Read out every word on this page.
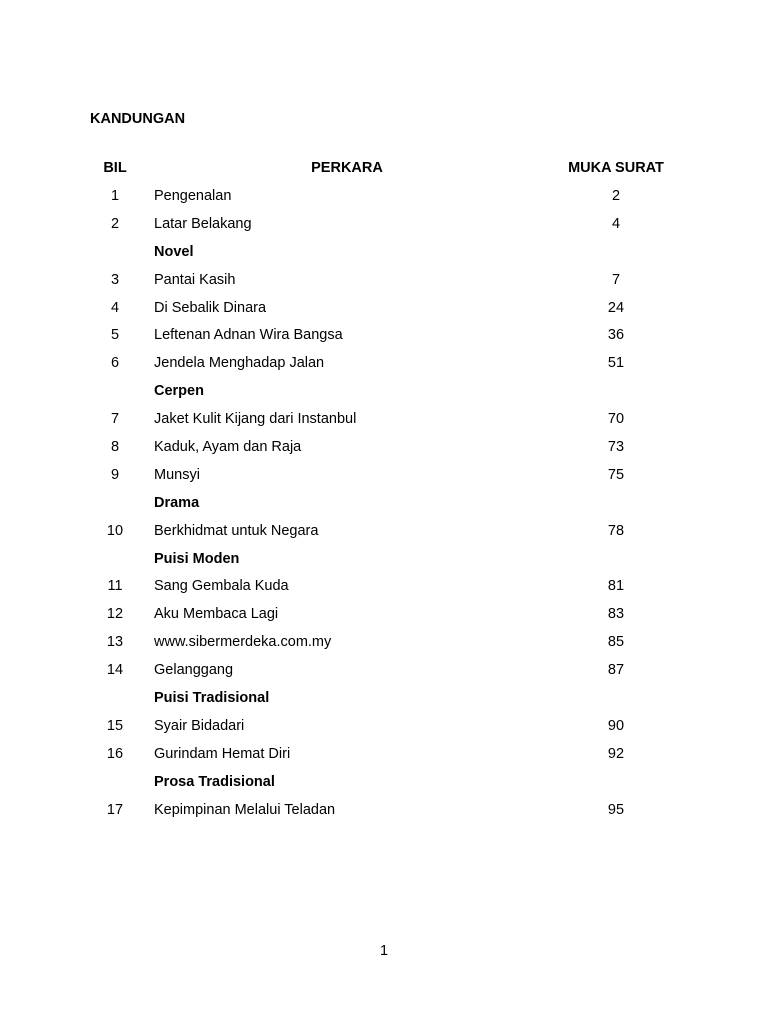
KANDUNGAN
BIL	PERKARA	MUKA SURAT
1	Pengenalan	2
2	Latar Belakang	4
Novel
3	Pantai Kasih	7
4	Di Sebalik Dinara	24
5	Leftenan Adnan Wira Bangsa	36
6	Jendela Menghadap Jalan	51
Cerpen
7	Jaket Kulit Kijang dari Instanbul	70
8	Kaduk, Ayam dan Raja	73
9	Munsyi	75
Drama
10	Berkhidmat untuk Negara	78
Puisi Moden
11	Sang Gembala Kuda	81
12	Aku Membaca Lagi	83
13	www.sibermerdeka.com.my	85
14	Gelanggang	87
Puisi Tradisional
15	Syair Bidadari	90
16	Gurindam Hemat Diri	92
Prosa Tradisional
17	Kepimpinan Melalui Teladan	95
1
